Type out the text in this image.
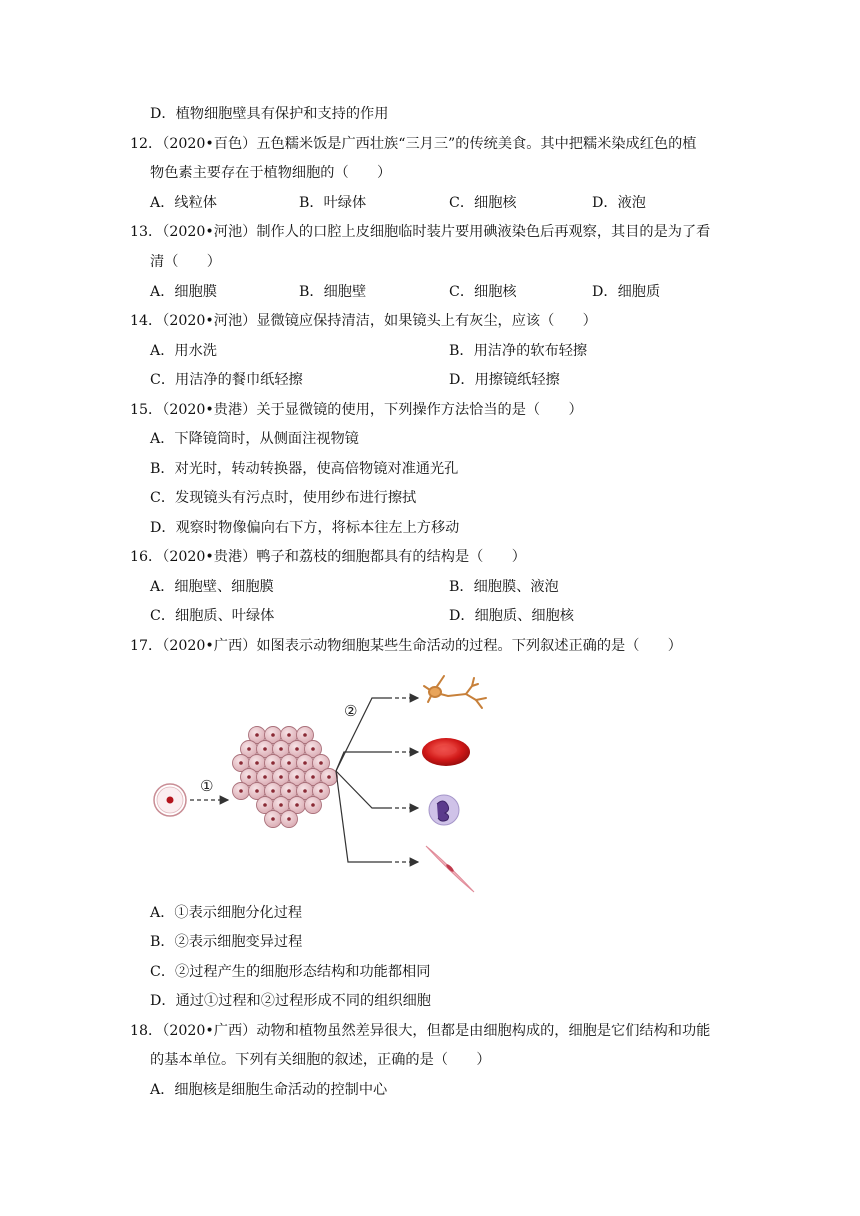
D．植物细胞壁具有保护和支持的作用
12．（2020•百色）五色糯米饭是广西壮族“三月三”的传统美食。其中把糯米染成红色的植
物色素主要存在于植物细胞的（　　）
A．线粒体	B．叶绿体	C．细胞核	D．液泡
13．（2020•河池）制作人的口腔上皮细胞临时装片要用碘液染色后再观察，其目的是为了看
清（　　）
A．细胞膜	B．细胞壁	C．细胞核	D．细胞质
14．（2020•河池）显微镜应保持清洁，如果镜头上有灰尘，应该（　　）
A．用水洗	B．用洁净的软布轻擦
C．用洁净的餐巾纸轻擦	D．用擦镜纸轻擦
15．（2020•贵港）关于显微镜的使用，下列操作方法恰当的是（　　）
A．下降镜筒时，从侧面注视物镜
B．对光时，转动转换器，使高倍物镜对准通光孔
C．发现镜头有污点时，使用纱布进行擦拭
D．观察时物像偏向右下方，将标本往左上方移动
16．（2020•贵港）鸭子和荔枝的细胞都具有的结构是（　　）
A．细胞壁、细胞膜	B．细胞膜、液泡
C．细胞质、叶绿体	D．细胞质、细胞核
17．（2020•广西）如图表示动物细胞某些生命活动的过程。下列叙述正确的是（　　）
①
②
A．①表示细胞分化过程
B．②表示细胞变异过程
C．②过程产生的细胞形态结构和功能都相同
D．通过①过程和②过程形成不同的组织细胞
18．（2020•广西）动物和植物虽然差异很大，但都是由细胞构成的，细胞是它们结构和功能
的基本单位。下列有关细胞的叙述，正确的是（　　）
A．细胞核是细胞生命活动的控制中心
